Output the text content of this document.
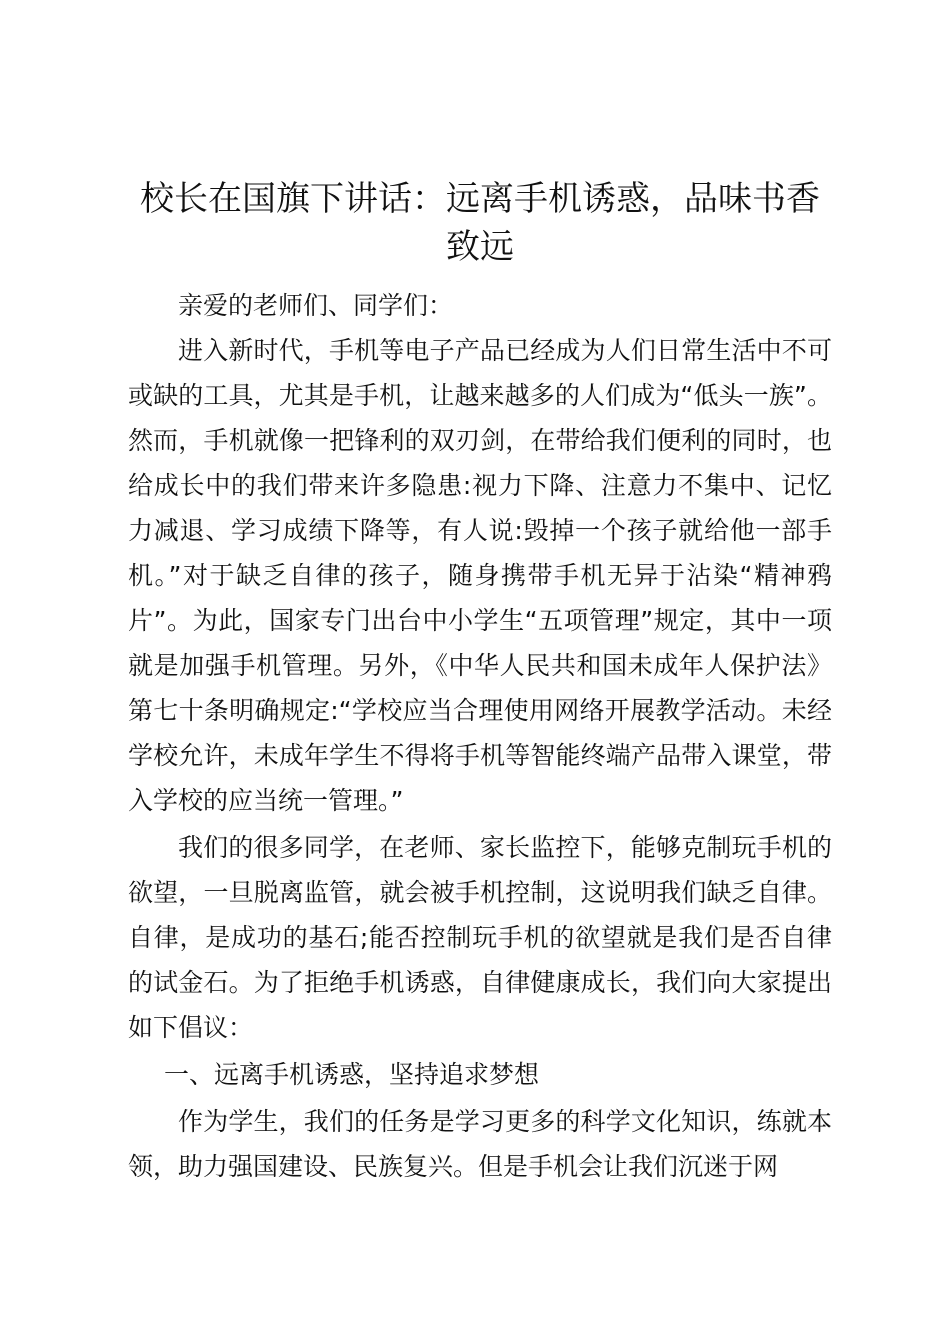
校长在国旗下讲话：远离手机诱惑，品味书香致远

亲爱的老师们、同学们：

进入新时代，手机等电子产品已经成为人们日常生活中不可或缺的工具，尤其是手机，让越来越多的人们成为“低头一族”。然而，手机就像一把锋利的双刃剑，在带给我们便利的同时，也给成长中的我们带来许多隐患:视力下降、注意力不集中、记忆力减退、学习成绩下降等，有人说:毁掉一个孩子就给他一部手机。”对于缺乏自律的孩子，随身携带手机无异于沾染“精神鸦片”。为此，国家专门出台中小学生“五项管理”规定，其中一项就是加强手机管理。另外，《中华人民共和国未成年人保护法》第七十条明确规定:“学校应当合理使用网络开展教学活动。未经学校允许，未成年学生不得将手机等智能终端产品带入课堂，带入学校的应当统一管理。”

我们的很多同学，在老师、家长监控下，能够克制玩手机的欲望，一旦脱离监管，就会被手机控制，这说明我们缺乏自律。自律，是成功的基石;能否控制玩手机的欲望就是我们是否自律的试金石。为了拒绝手机诱惑，自律健康成长，我们向大家提出如下倡议：

一、远离手机诱惑，坚持追求梦想

作为学生，我们的任务是学习更多的科学文化知识，练就本领，助力强国建设、民族复兴。但是手机会让我们沉迷于网
